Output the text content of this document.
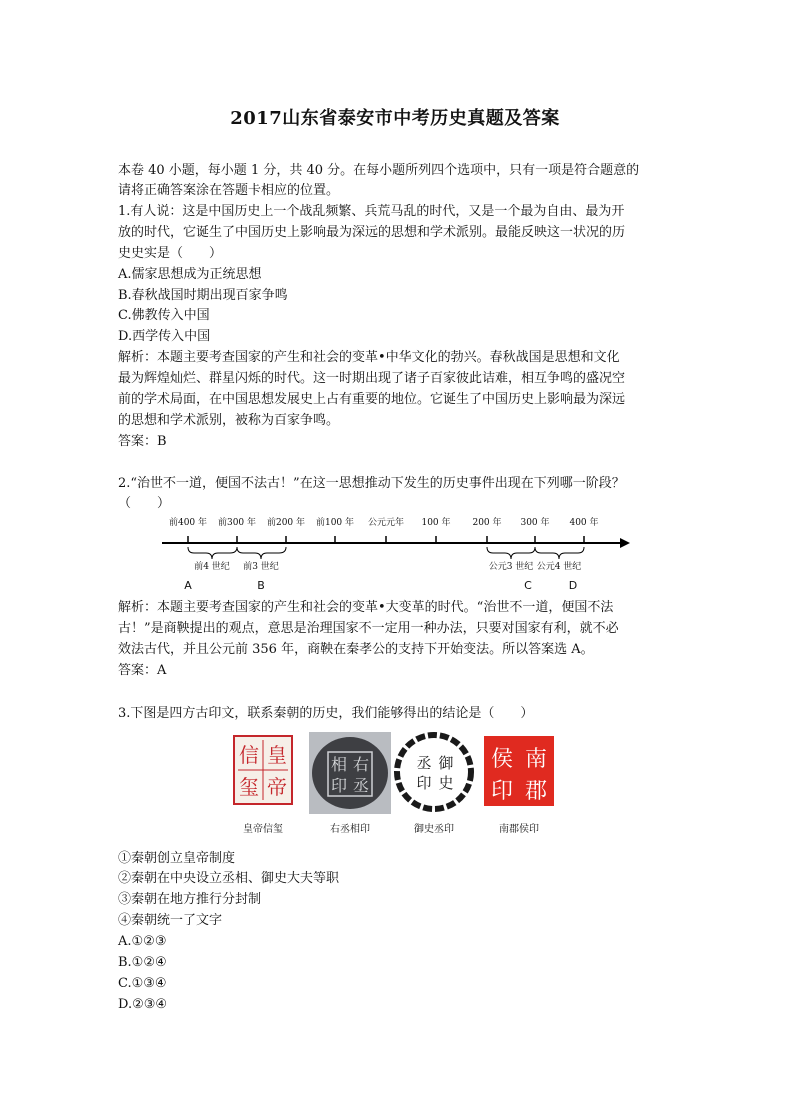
2017山东省泰安市中考历史真题及答案
本卷 40 小题，每小题 1 分，共 40 分。在每小题所列四个选项中，只有一项是符合题意的
请将正确答案涂在答题卡相应的位置。
1.有人说：这是中国历史上一个战乱频繁、兵荒马乱的时代，又是一个最为自由、最为开
放的时代，它诞生了中国历史上影响最为深远的思想和学术派别。最能反映这一状况的历
史史实是（　　）
A.儒家思想成为正统思想
B.春秋战国时期出现百家争鸣
C.佛教传入中国
D.西学传入中国
解析：本题主要考查国家的产生和社会的变革•中华文化的勃兴。春秋战国是思想和文化
最为辉煌灿烂、群星闪烁的时代。这一时期出现了诸子百家彼此诘难，相互争鸣的盛况空
前的学术局面，在中国思想发展史上占有重要的地位。它诞生了中国历史上影响最为深远
的思想和学术派别，被称为百家争鸣。
答案：B
2.“治世不一道，便国不法古！”在这一思想推动下发生的历史事件出现在下列哪一阶段？
（　　）
前400 年 前300 年 前200 年 前100 年 公元元年 100 年 200 年 300 年 400 年
前4 世纪 前3 世纪	公元3 世纪 公元4 世纪
A	B	C	D
解析：本题主要考查国家的产生和社会的变革•大变革的时代。“治世不一道，便国不法
古！”是商鞅提出的观点，意思是治理国家不一定用一种办法，只要对国家有利，就不必
效法古代，并且公元前 356 年，商鞅在秦孝公的支持下开始变法。所以答案选 A。
答案：A
3.下图是四方古印文，联系秦朝的历史，我们能够得出的结论是（　　）
皇
帝
信
玺
右
丞
相
印
御
史
丞
印
南
郡
侯
印
皇帝信玺	右丞相印	御史丞印	南郡侯印
①秦朝创立皇帝制度
②秦朝在中央设立丞相、御史大夫等职
③秦朝在地方推行分封制
④秦朝统一了文字
A.①②③
B.①②④
C.①③④
D.②③④
